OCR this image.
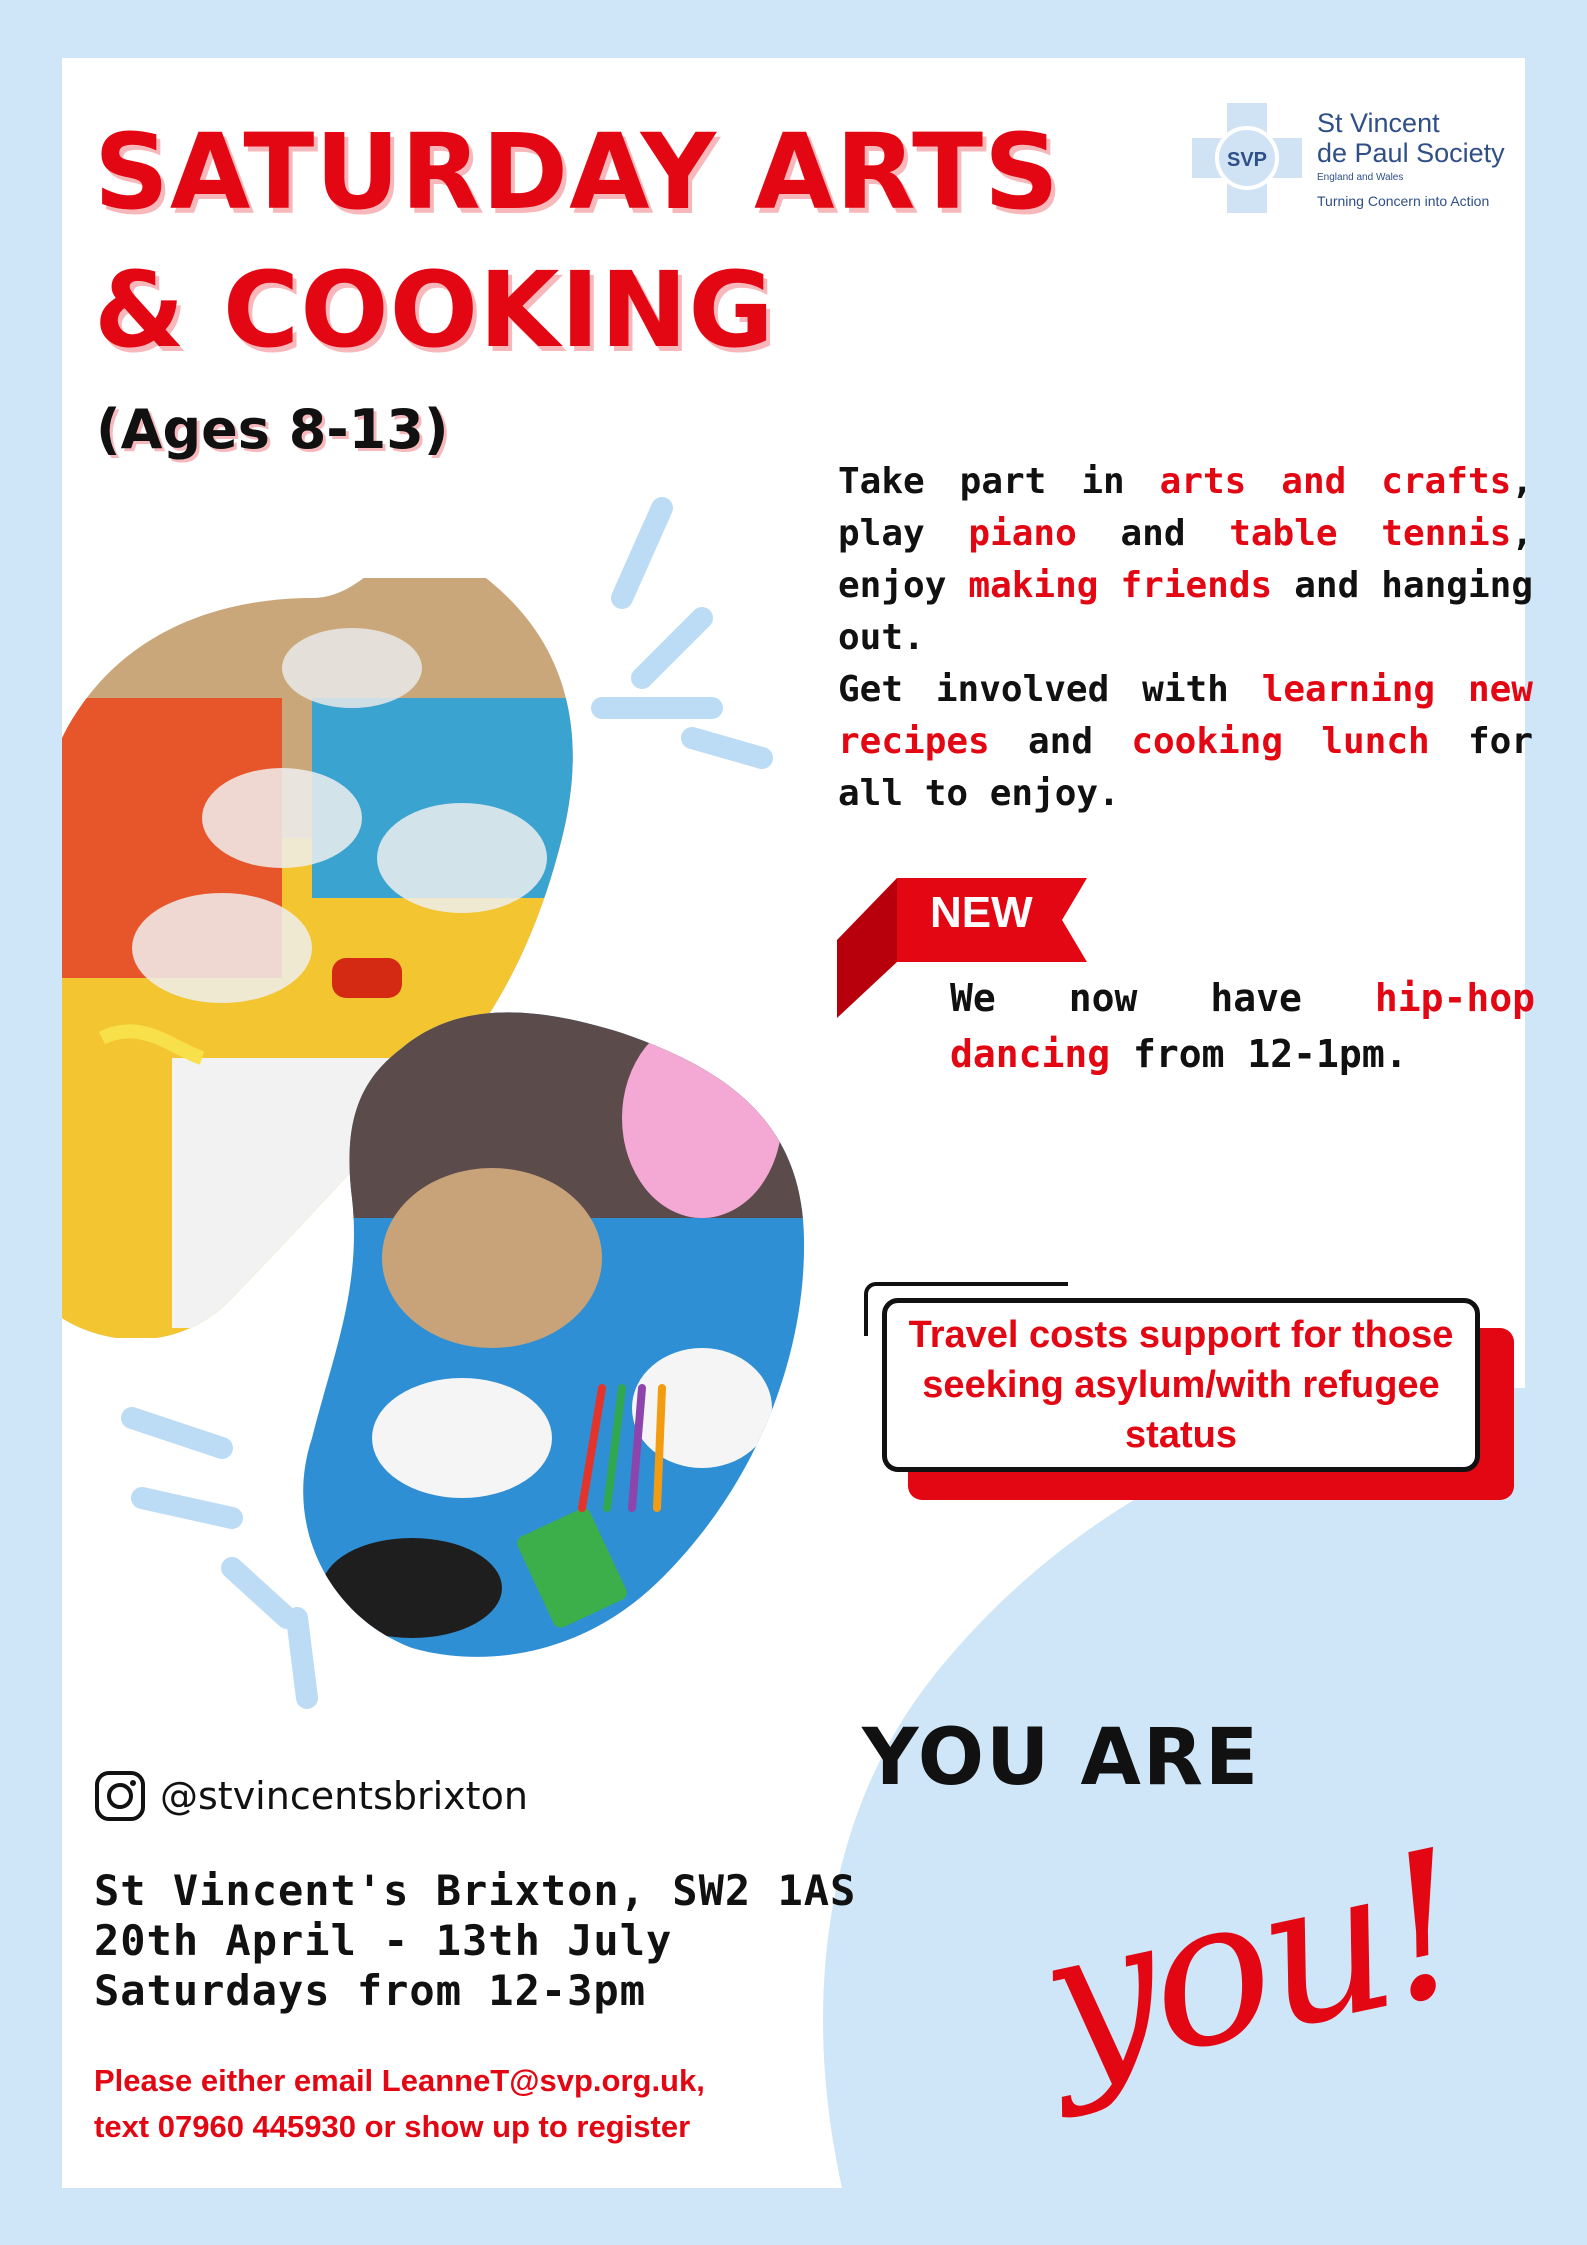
SATURDAY ARTS
& COOKING
(Ages 8-13)
SVP
St Vincent
de Paul Society
England and Wales
Turning Concern into Action
Take part in arts and crafts, play piano and table tennis, enjoy making friends and hanging out.
Get involved with learning new recipes and cooking lunch for all to enjoy.
NEW
We now have hip-hop dancing from 12-1pm.
Travel costs support for those seeking asylum/with refugee status
YOU ARE
you!
@stvincentsbrixton
St Vincent's Brixton, SW2 1AS
20th April - 13th July
Saturdays from 12-3pm
Please either email LeanneT@svp.org.uk,
text 07960 445930 or show up to register
